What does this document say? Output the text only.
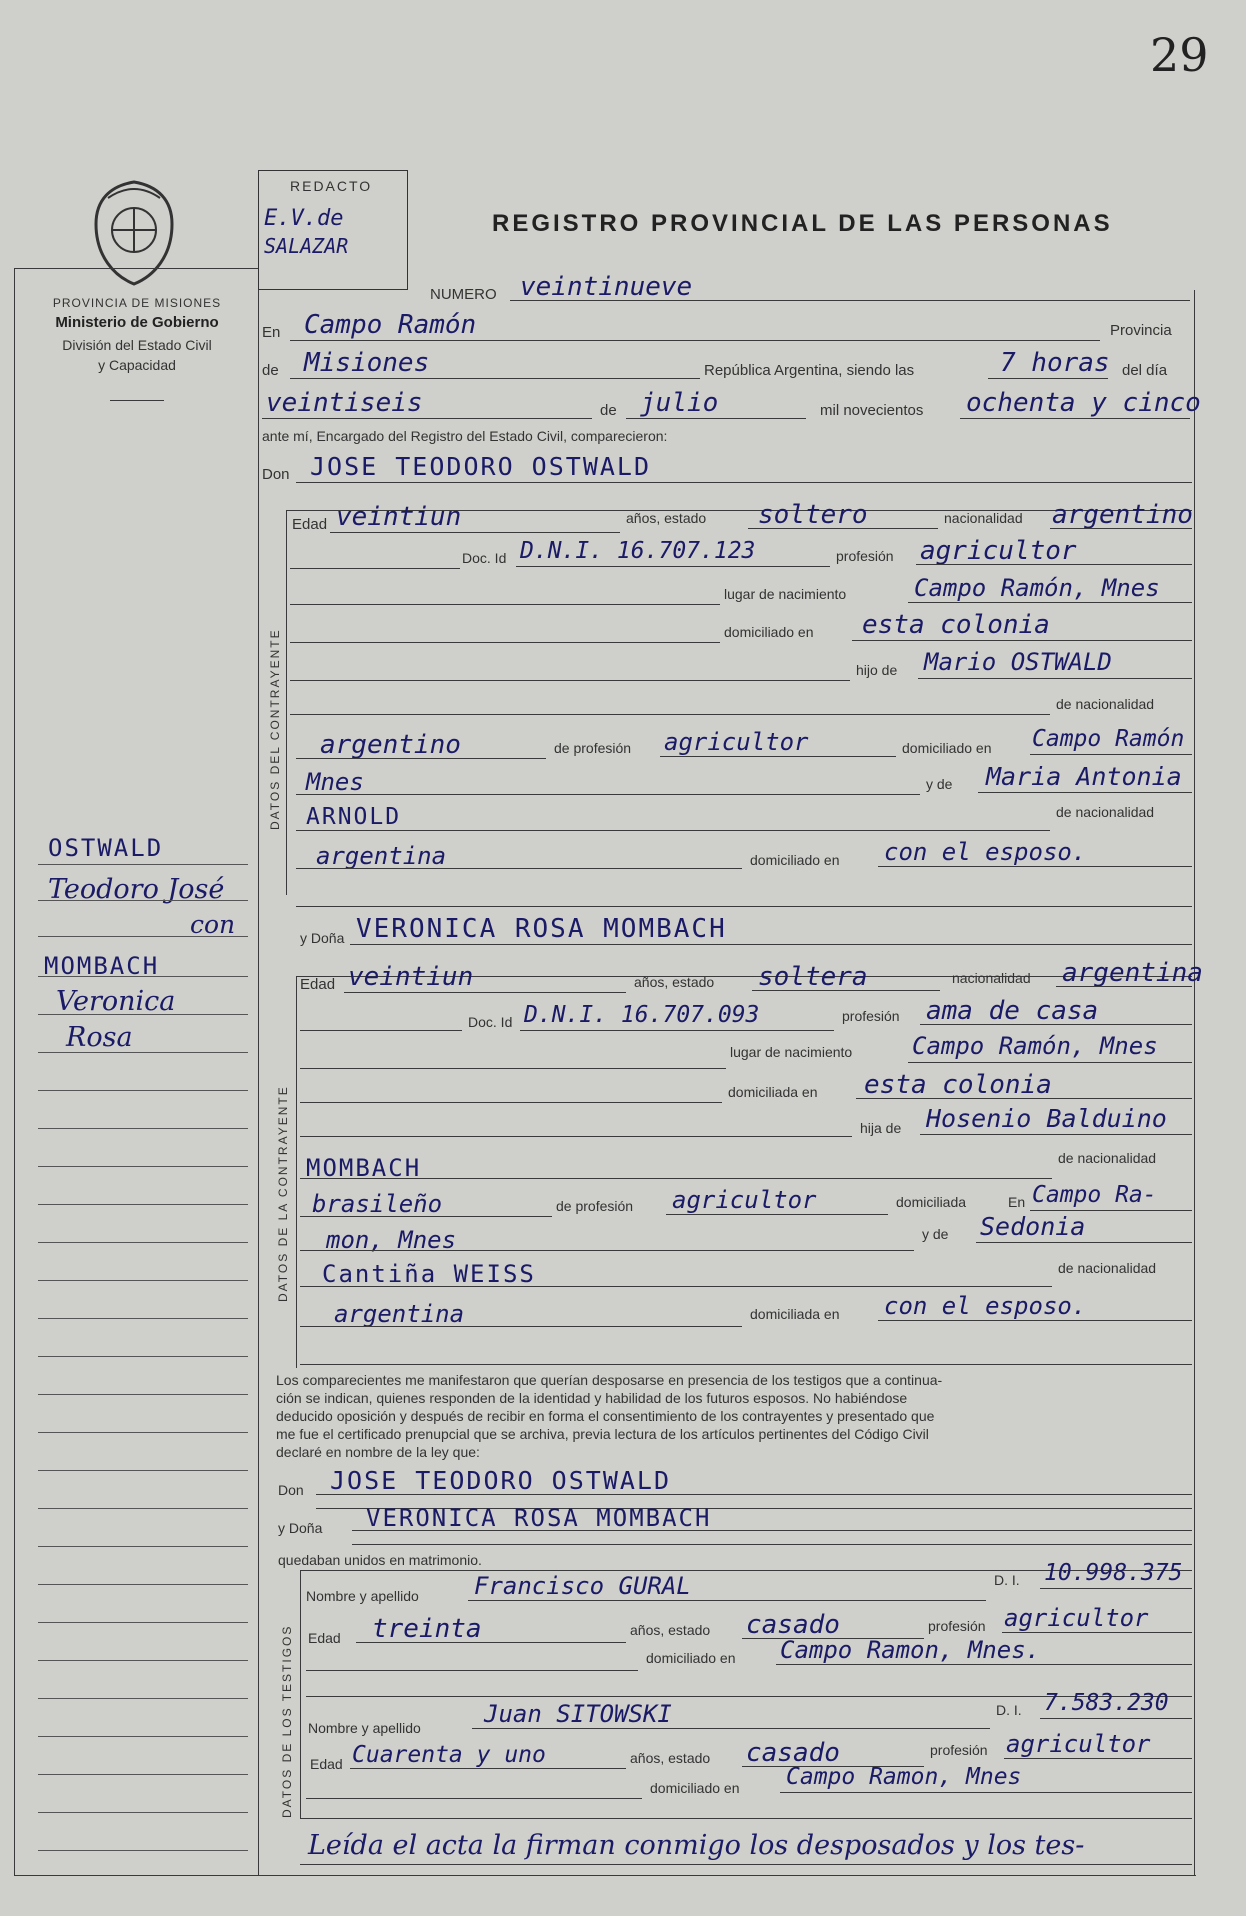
29
PROVINCIA DE MISIONES
Ministerio de Gobierno
División del Estado Civil
y Capacidad
REDACTO
E.V.de
SALAZAR
REGISTRO PROVINCIAL DE LAS PERSONAS
OSTWALD
Teodoro José
con
MOMBACH
Veronica
Rosa
NUMERO veintinueve
En Campo Ramón	Provincia
de Misiones	República Argentina, siendo las	7 horas del día
veintiseis	de julio	mil novecientos ochenta y cinco
ante mí, Encargado del Registro del Estado Civil, comparecieron:
Don JOSE TEODORO OSTWALD
DATOS DEL CONTRAYENTE
Edad veintiun	años, estado soltero	nacionalidad argentino
Doc. Id D.N.I. 16.707.123	profesión agricultor
lugar de nacimiento	Campo Ramón, Mnes
domiciliado en esta colonia
hijo de Mario OSTWALD
de nacionalidad
argentino	de profesión agricultor	domiciliado en Campo Ramón
Mnes	y de Maria Antonia
ARNOLD	de nacionalidad
argentina	domiciliado en con el esposo.
y Doña VERONICA ROSA MOMBACH
DATOS DE LA CONTRAYENTE
Edad veintiun	años, estado soltera	nacionalidad argentina
Doc. Id D.N.I. 16.707.093	profesión ama de casa
lugar de nacimiento Campo Ramón, Mnes
domiciliada en esta colonia
hija de Hosenio Balduino
MOMBACH	de nacionalidad
brasileño	de profesión agricultor	domiciliada	En Campo Ra-
mon, Mnes	y de Sedonia
Cantiña WEISS	de nacionalidad
argentina	domiciliada en con el esposo.
Los comparecientes me manifestaron que querían desposarse en presencia de los testigos que a continua-
ción se indican, quienes responden de la identidad y habilidad de los futuros esposos. No habiéndose
deducido oposición y después de recibir en forma el consentimiento de los contrayentes y presentado que
me fue el certificado prenupcial que se archiva, previa lectura de los artículos pertinentes del Código Civil
declaré en nombre de la ley que:
Don JOSE TEODORO OSTWALD
y Doña VERONICA ROSA MOMBACH
quedaban unidos en matrimonio.
DATOS DE LOS TESTIGOS
Nombre y apellido Francisco GURAL	D. I. 10.998.375
Edad treinta	años, estado casado	profesión agricultor
domiciliado en Campo Ramon, Mnes.
Nombre y apellido	Juan SITOWSKI	D. I. 7.583.230
Edad Cuarenta y uno	años, estado casado	profesión agricultor
domiciliado en Campo Ramon, Mnes
Leída el acta la firman conmigo los desposados y los tes-
